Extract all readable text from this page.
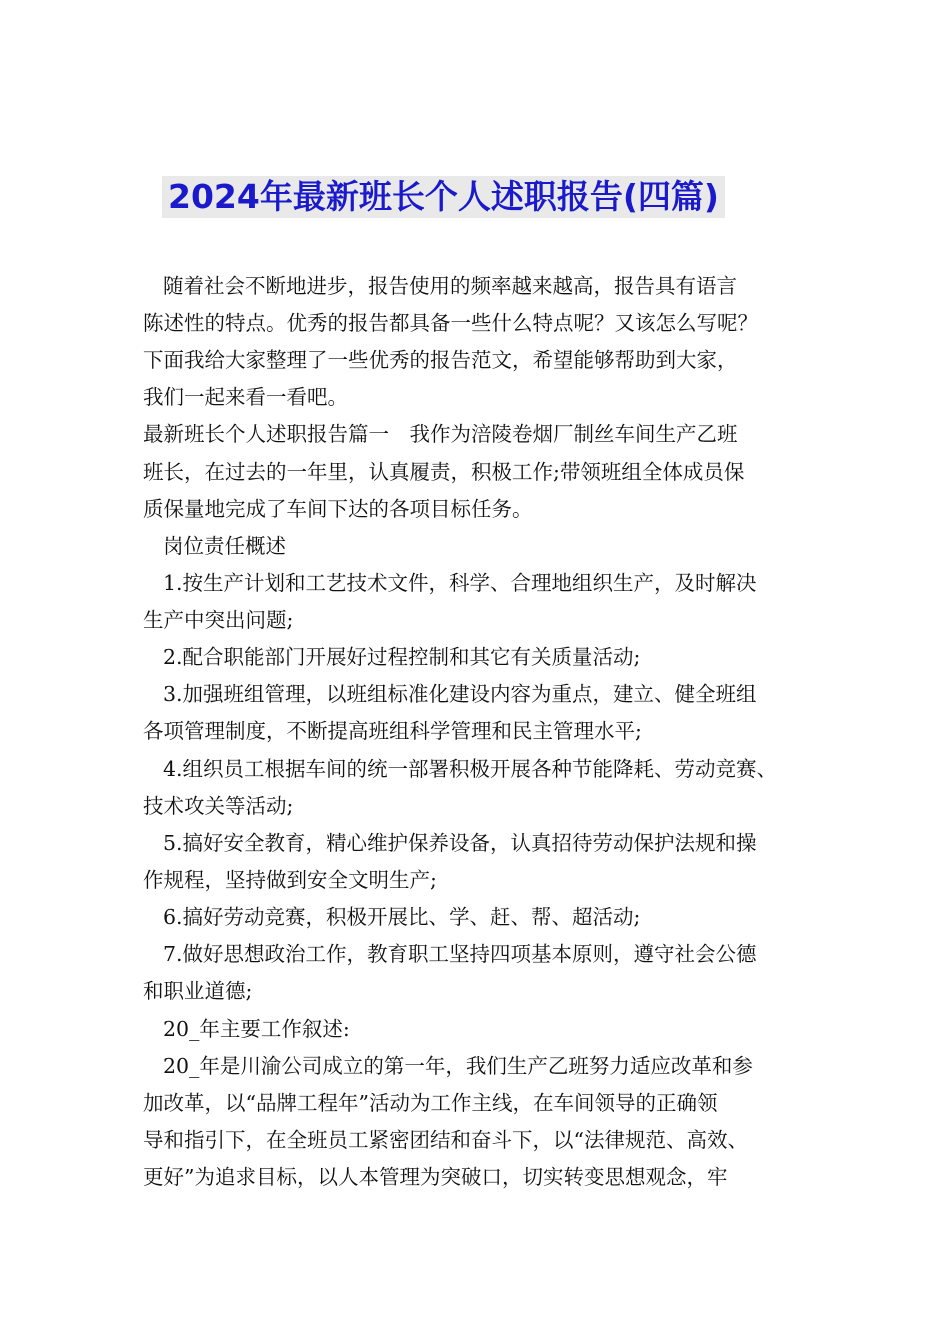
2024年最新班长个人述职报告(四篇)
随着社会不断地进步，报告使用的频率越来越高，报告具有语言
陈述性的特点。优秀的报告都具备一些什么特点呢？又该怎么写呢？
下面我给大家整理了一些优秀的报告范文，希望能够帮助到大家，
我们一起来看一看吧。
最新班长个人述职报告篇一　我作为涪陵卷烟厂制丝车间生产乙班
班长，在过去的一年里，认真履责，积极工作;带领班组全体成员保
质保量地完成了车间下达的各项目标任务。
岗位责任概述
1.按生产计划和工艺技术文件，科学、合理地组织生产，及时解决
生产中突出问题;
2.配合职能部门开展好过程控制和其它有关质量活动;
3.加强班组管理，以班组标准化建设内容为重点，建立、健全班组
各项管理制度，不断提高班组科学管理和民主管理水平;
4.组织员工根据车间的统一部署积极开展各种节能降耗、劳动竞赛、
技术攻关等活动;
5.搞好安全教育，精心维护保养设备，认真招待劳动保护法规和操
作规程，坚持做到安全文明生产;
6.搞好劳动竞赛，积极开展比、学、赶、帮、超活动;
7.做好思想政治工作，教育职工坚持四项基本原则，遵守社会公德
和职业道德;
20_年主要工作叙述:
20_年是川渝公司成立的第一年，我们生产乙班努力适应改革和参
加改革，以“品牌工程年”活动为工作主线，在车间领导的正确领
导和指引下，在全班员工紧密团结和奋斗下，以“法律规范、高效、
更好”为追求目标，以人本管理为突破口，切实转变思想观念，牢
